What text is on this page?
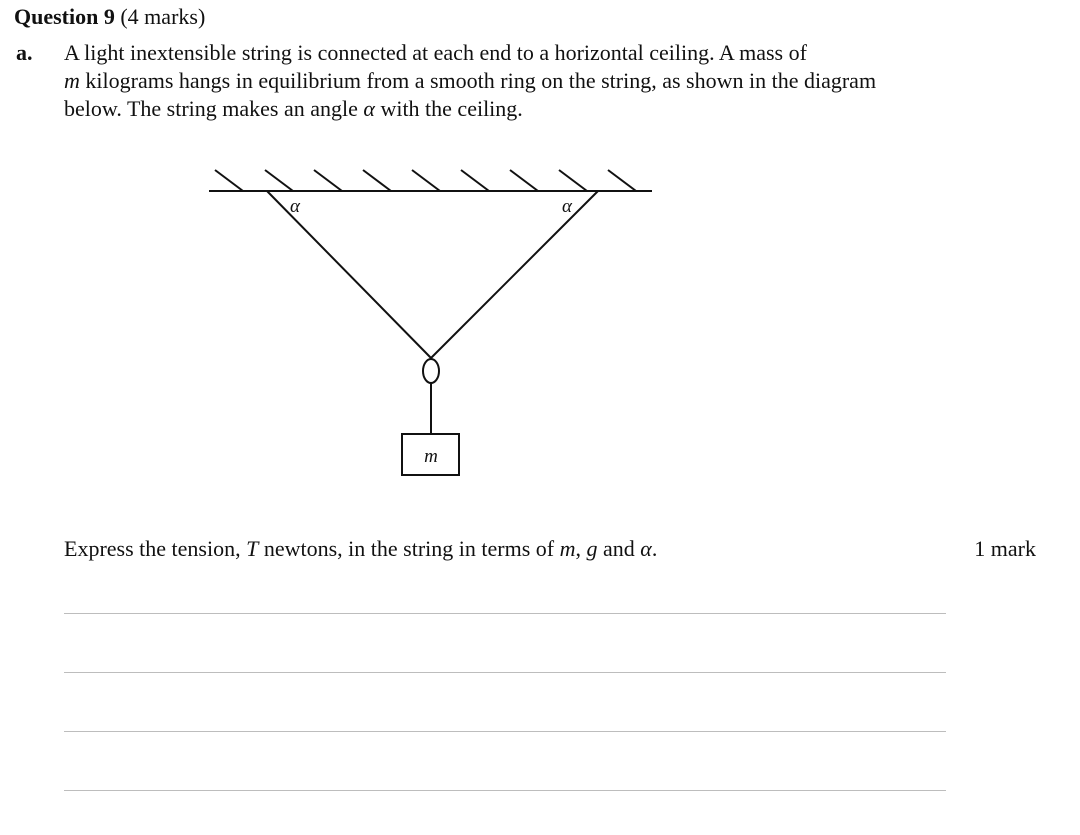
Question 9 (4 marks)
a. A light inextensible string is connected at each end to a horizontal ceiling. A mass of
m kilograms hangs in equilibrium from a smooth ring on the string, as shown in the diagram
below. The string makes an angle α with the ceiling.
α	α
m
Express the tension, T newtons, in the string in terms of m, g and α.	1 mark
